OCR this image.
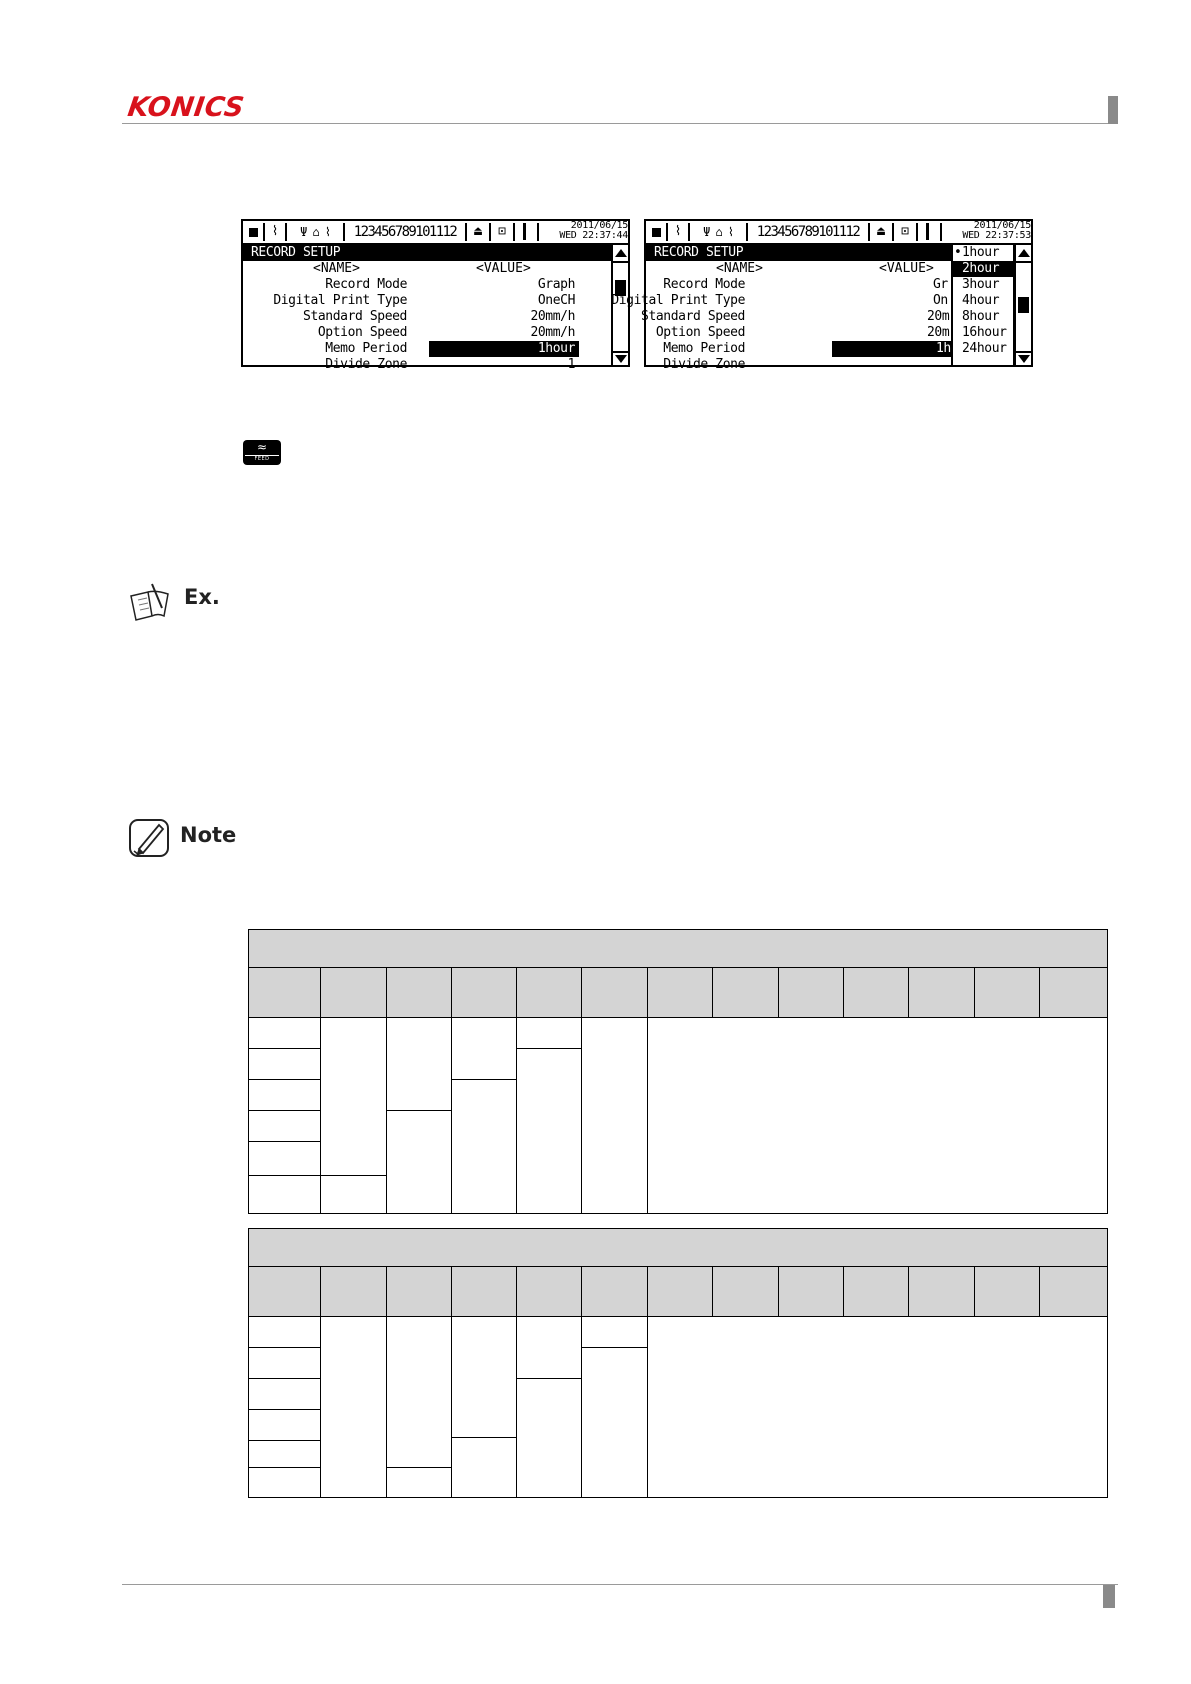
KONICS
⌇	Ψ ⌂ ⌇	123456789101112	⏏	⊡	2011/06/15
WED 22:37:44
RECORD SETUP
<NAME>	<VALUE>
Record Mode	Graph
Digital Print Type	OneCH
Standard Speed	20mm/h
Option Speed	20mm/h
Memo Period	1hour
Divide Zone	1
⌇	Ψ ⌂ ⌇	123456789101112	⏏	⊡	2011/06/15
WED 22:37:53
RECORD SETUP
<NAME>	<VALUE>
Record Mode	Gr
Digital Print Type	On
Standard Speed	20m
Option Speed	20m
Memo Period	1h
Divide Zone
• 1hour
2hour
3hour
4hour
8hour
16hour
24hour
≈
FEED
Ex.
Note
